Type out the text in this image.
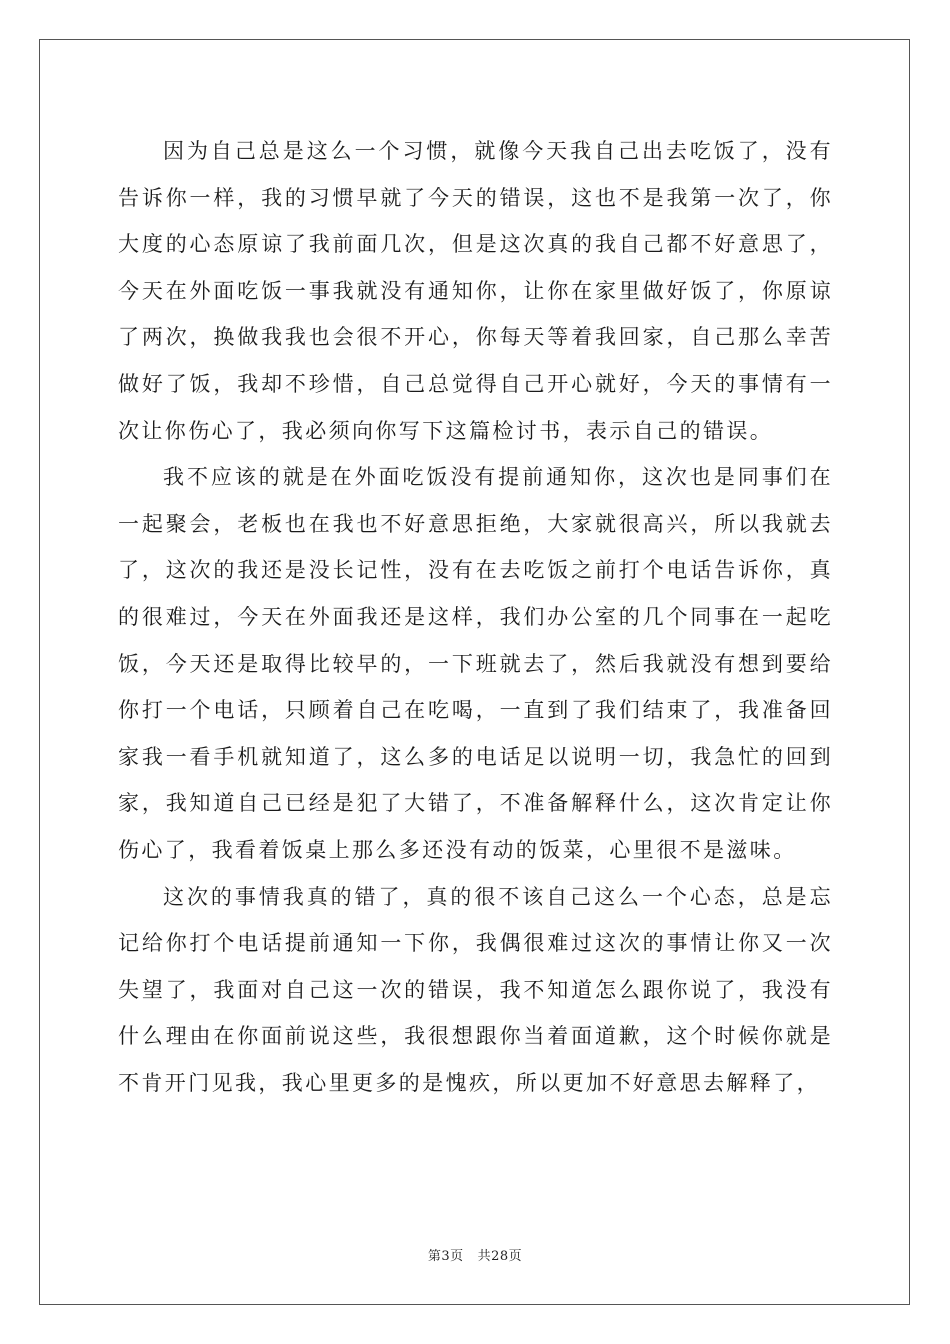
因为自己总是这么一个习惯，就像今天我自己出去吃饭了，没有告诉你一样，我的习惯早就了今天的错误，这也不是我第一次了，你大度的心态原谅了我前面几次，但是这次真的我自己都不好意思了，今天在外面吃饭一事我就没有通知你，让你在家里做好饭了，你原谅了两次，换做我我也会很不开心，你每天等着我回家，自己那么幸苦做好了饭，我却不珍惜，自己总觉得自己开心就好，今天的事情有一次让你伤心了，我必须向你写下这篇检讨书，表示自己的错误。

我不应该的就是在外面吃饭没有提前通知你，这次也是同事们在一起聚会，老板也在我也不好意思拒绝，大家就很高兴，所以我就去了，这次的我还是没长记性，没有在去吃饭之前打个电话告诉你，真的很难过，今天在外面我还是这样，我们办公室的几个同事在一起吃饭，今天还是取得比较早的，一下班就去了，然后我就没有想到要给你打一个电话，只顾着自己在吃喝，一直到了我们结束了，我准备回家我一看手机就知道了，这么多的电话足以说明一切，我急忙的回到家，我知道自己已经是犯了大错了，不准备解释什么，这次肯定让你伤心了，我看着饭桌上那么多还没有动的饭菜，心里很不是滋味。

这次的事情我真的错了，真的很不该自己这么一个心态，总是忘记给你打个电话提前通知一下你，我偶很难过这次的事情让你又一次失望了，我面对自己这一次的错误，我不知道怎么跟你说了，我没有什么理由在你面前说这些，我很想跟你当着面道歉，这个时候你就是不肯开门见我，我心里更多的是愧疚，所以更加不好意思去解释了，

第3页 共28页
